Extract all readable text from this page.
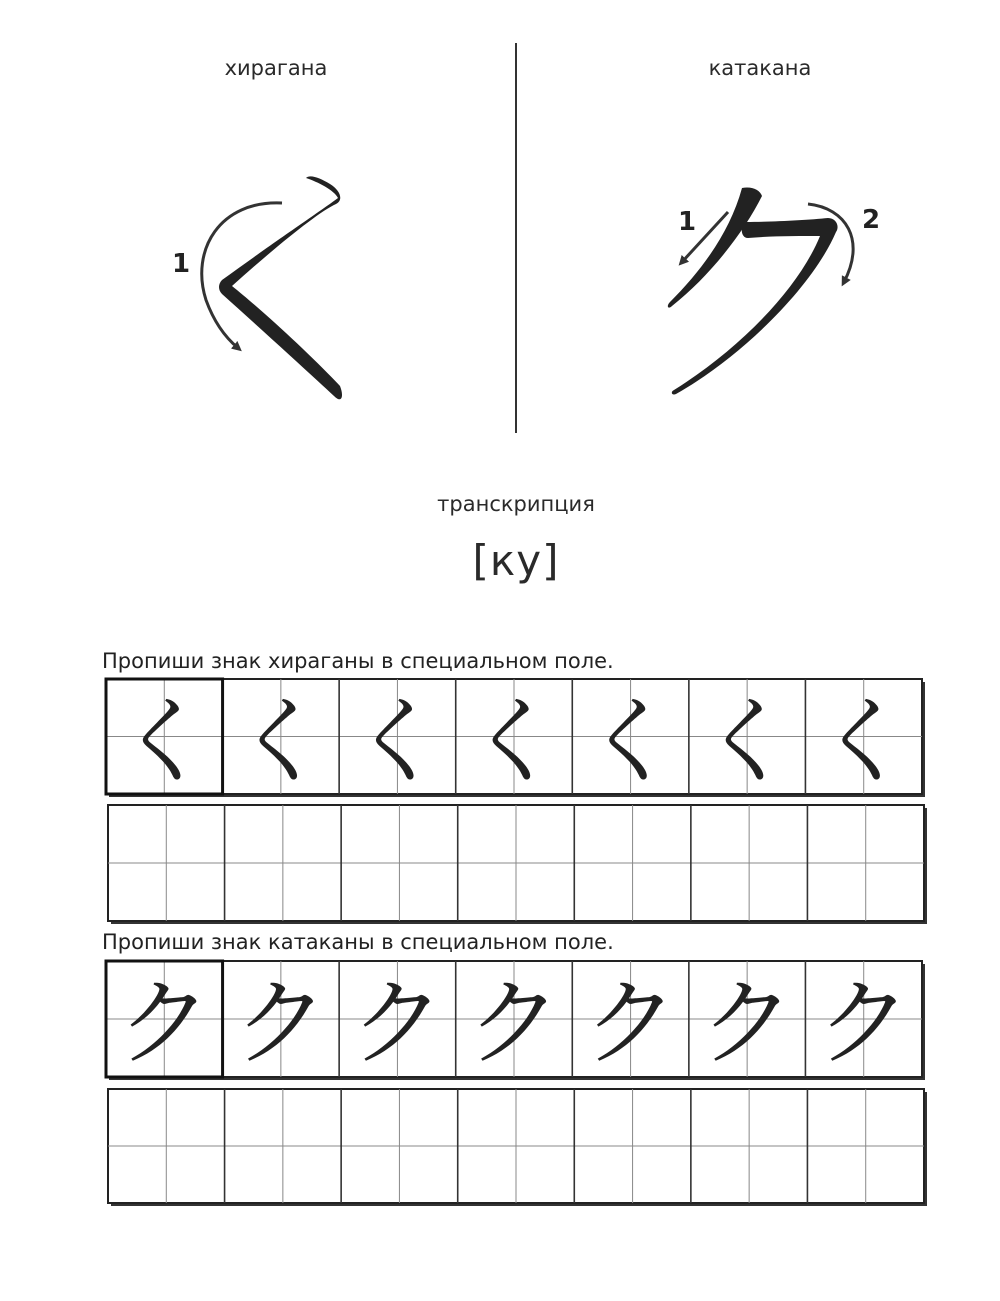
хирагана	катакана
1
1	2
транскрипция
[ку]
Пропиши знак хираганы в специальном поле.
Пропиши знак катаканы в специальном поле.
く く く く く く く
ク ク ク ク ク ク ク
